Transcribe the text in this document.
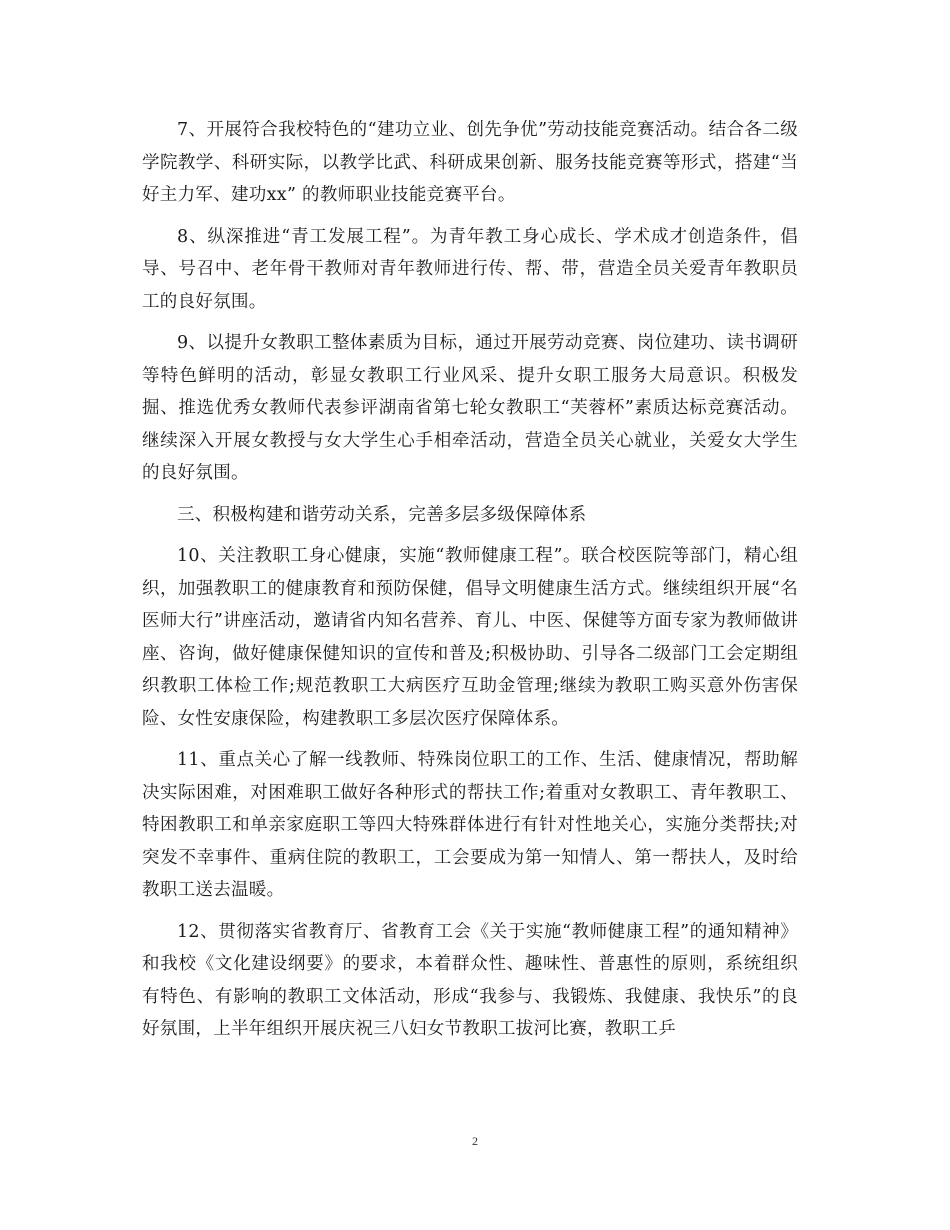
7、开展符合我校特色的“建功立业、创先争优”劳动技能竞赛活动。结合各二级学院教学、科研实际，以教学比武、科研成果创新、服务技能竞赛等形式，搭建“当好主力军、建功xx” 的教师职业技能竞赛平台。

8、纵深推进“青工发展工程”。为青年教工身心成长、学术成才创造条件，倡导、号召中、老年骨干教师对青年教师进行传、帮、带，营造全员关爱青年教职员工的良好氛围。

9、以提升女教职工整体素质为目标，通过开展劳动竞赛、岗位建功、读书调研等特色鲜明的活动，彰显女教职工行业风采、提升女职工服务大局意识。积极发掘、推选优秀女教师代表参评湖南省第七轮女教职工“芙蓉杯”素质达标竞赛活动。继续深入开展女教授与女大学生心手相牵活动，营造全员关心就业，关爱女大学生的良好氛围。

三、积极构建和谐劳动关系，完善多层多级保障体系

10、关注教职工身心健康，实施“教师健康工程”。联合校医院等部门，精心组织，加强教职工的健康教育和预防保健，倡导文明健康生活方式。继续组织开展“名医师大行”讲座活动，邀请省内知名营养、育儿、中医、保健等方面专家为教师做讲座、咨询，做好健康保健知识的宣传和普及;积极协助、引导各二级部门工会定期组织教职工体检工作;规范教职工大病医疗互助金管理;继续为教职工购买意外伤害保险、女性安康保险，构建教职工多层次医疗保障体系。

11、重点关心了解一线教师、特殊岗位职工的工作、生活、健康情况，帮助解决实际困难，对困难职工做好各种形式的帮扶工作;着重对女教职工、青年教职工、特困教职工和单亲家庭职工等四大特殊群体进行有针对性地关心，实施分类帮扶;对突发不幸事件、重病住院的教职工，工会要成为第一知情人、第一帮扶人，及时给教职工送去温暖。

12、贯彻落实省教育厅、省教育工会《关于实施“教师健康工程”的通知精神》和我校《文化建设纲要》的要求，本着群众性、趣味性、普惠性的原则，系统组织有特色、有影响的教职工文体活动，形成“我参与、我锻炼、我健康、我快乐”的良好氛围，上半年组织开展庆祝三八妇女节教职工拔河比赛，教职工乒

2
